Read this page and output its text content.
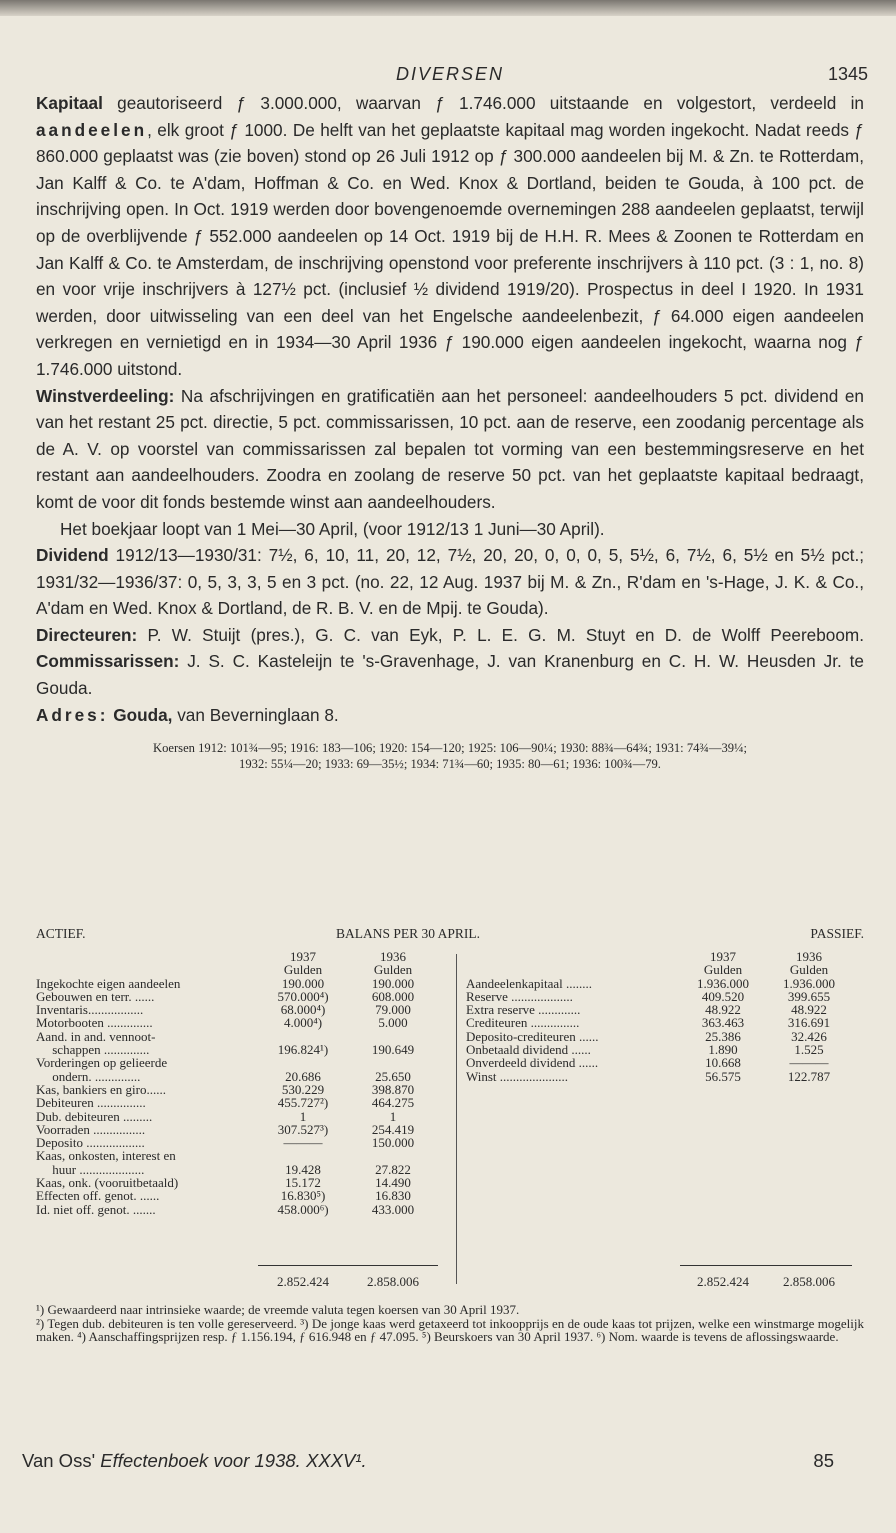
DIVERSEN	1345

Kapitaal geautoriseerd ƒ 3.000.000, waarvan ƒ 1.746.000 uitstaande en volgestort, verdeeld in aandeelen, elk groot ƒ 1000. De helft van het geplaatste kapitaal mag worden ingekocht. Nadat reeds ƒ 860.000 geplaatst was (zie boven) stond op 26 Juli 1912 op ƒ 300.000 aandeelen bij M. & Zn. te Rotterdam, Jan Kalff & Co. te A'dam, Hoffman & Co. en Wed. Knox & Dortland, beiden te Gouda, à 100 pct. de inschrijving open. In Oct. 1919 werden door bovengenoemde overnemingen 288 aandeelen geplaatst, terwijl op de overblijvende ƒ 552.000 aandeelen op 14 Oct. 1919 bij de H.H. R. Mees & Zoonen te Rotterdam en Jan Kalff & Co. te Amsterdam, de inschrijving openstond voor preferente inschrijvers à 110 pct. (3 : 1, no. 8) en voor vrije inschrijvers à 127½ pct. (inclusief ½ dividend 1919/20). Prospectus in deel I 1920. In 1931 werden, door uitwisseling van een deel van het Engelsche aandeelenbezit, ƒ 64.000 eigen aandeelen verkregen en vernietigd en in 1934—30 April 1936 ƒ 190.000 eigen aandeelen ingekocht, waarna nog ƒ 1.746.000 uitstond.

Winstverdeeling: Na afschrijvingen en gratificatiën aan het personeel: aandeelhouders 5 pct. dividend en van het restant 25 pct. directie, 5 pct. commissarissen, 10 pct. aan de reserve, een zoodanig percentage als de A. V. op voorstel van commissarissen zal bepalen tot vorming van een bestemmingsreserve en het restant aan aandeelhouders. Zoodra en zoolang de reserve 50 pct. van het geplaatste kapitaal bedraagt, komt de voor dit fonds bestemde winst aan aandeelhouders.

Het boekjaar loopt van 1 Mei—30 April, (voor 1912/13 1 Juni—30 April).

Dividend 1912/13—1930/31: 7½, 6, 10, 11, 20, 12, 7½, 20, 20, 0, 0, 0, 5, 5½, 6, 7½, 6, 5½ en 5½ pct.; 1931/32—1936/37: 0, 5, 3, 3, 5 en 3 pct. (no. 22, 12 Aug. 1937 bij M. & Zn., R'dam en 's-Hage, J. K. & Co., A'dam en Wed. Knox & Dortland, de R. B. V. en de Mpij. te Gouda).

Directeuren: P. W. Stuijt (pres.), G. C. van Eyk, P. L. E. G. M. Stuyt en D. de Wolff Peereboom. Commissarissen: J. S. C. Kasteleijn te 's-Gravenhage, J. van Kranenburg en C. H. W. Heusden Jr. te Gouda.

Adres: Gouda, van Beverninglaan 8.

Koersen 1912: 101¾—95; 1916: 183—106; 1920: 154—120; 1925: 106—90¼; 1930: 88¾—64¾; 1931: 74¾—39¼;
1932: 55¼—20; 1933: 69—35½; 1934: 71¾—60; 1935: 80—61; 1936: 100¾—79.
ACTIEF.	BALANS PER 30 APRIL.	PASSIEF.
	1937	1936
	Gulden	Gulden
Ingekochte eigen aandeelen	190.000	190.000
Gebouwen en terr. ......	570.000⁴)	608.000
Inventaris.................	68.000⁴)	79.000
Motorbooten ..............	4.000⁴)	5.000
Aand. in and. vennoot-		
schappen ..............	196.824¹)	190.649
Vorderingen op gelieerde		
ondern. ..............	20.686	25.650
Kas, bankiers en giro......	530.229	398.870
Debiteuren ...............	455.727²)	464.275
Dub. debiteuren .........	1	1
Voorraden ................	307.527³)	254.419
Deposito ..................	———	150.000
Kaas, onkosten, interest en		
huur ....................	19.428	27.822
Kaas, onk. (vooruitbetaald)	15.172	14.490
Effecten off. genot. ......	16.830⁵)	16.830
Id. niet off. genot. .......	458.000⁶)	433.000
	1937	1936
	Gulden	Gulden
Aandeelenkapitaal ........	1.936.000	1.936.000
Reserve ...................	409.520	399.655
Extra reserve .............	48.922	48.922
Crediteuren ...............	363.463	316.691
Deposito-crediteuren ......	25.386	32.426
Onbetaald dividend ......	1.890	1.525
Onverdeeld dividend ......	10.668	———
Winst .....................	56.575	122.787
2.852.424	2.858.006	2.852.424	2.858.006

¹) Gewaardeerd naar intrinsieke waarde; de vreemde valuta tegen koersen van 30 April 1937.

²) Tegen dub. debiteuren is ten volle gereserveerd. ³) De jonge kaas werd getaxeerd tot inkoopprijs en de oude kaas tot prijzen, welke een winstmarge mogelijk maken. ⁴) Aanschaffingsprijzen resp. ƒ 1.156.194, ƒ 616.948 en ƒ 47.095. ⁵) Beurskoers van 30 April 1937. ⁶) Nom. waarde is tevens de aflossingswaarde.

Van Oss' Effectenboek voor 1938. XXXV¹.	85
